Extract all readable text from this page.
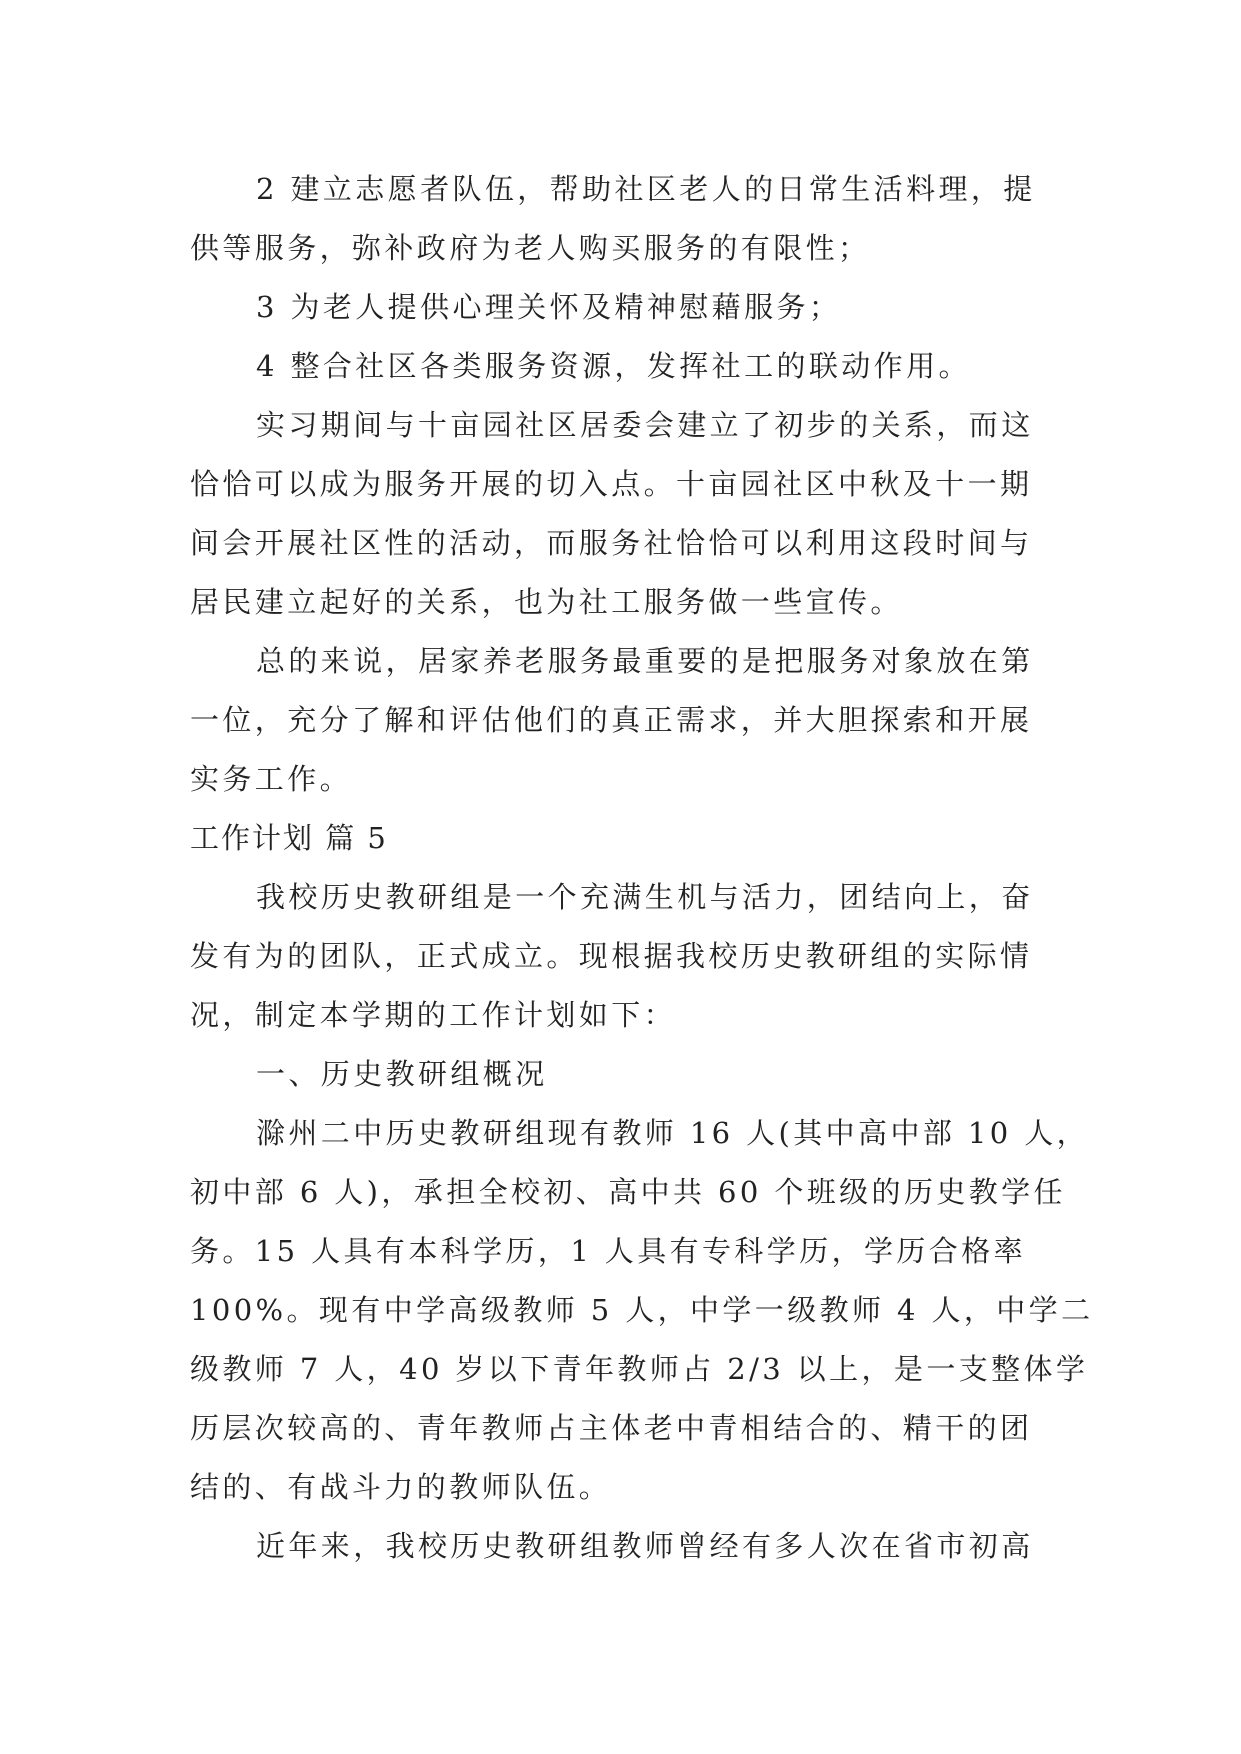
2 建立志愿者队伍，帮助社区老人的日常生活料理，提
供等服务，弥补政府为老人购买服务的有限性；
3 为老人提供心理关怀及精神慰藉服务；
4 整合社区各类服务资源，发挥社工的联动作用。
实习期间与十亩园社区居委会建立了初步的关系，而这
恰恰可以成为服务开展的切入点。十亩园社区中秋及十一期
间会开展社区性的活动，而服务社恰恰可以利用这段时间与
居民建立起好的关系，也为社工服务做一些宣传。
总的来说，居家养老服务最重要的是把服务对象放在第
一位，充分了解和评估他们的真正需求，并大胆探索和开展
实务工作。
工作计划 篇 5
我校历史教研组是一个充满生机与活力，团结向上，奋
发有为的团队，正式成立。现根据我校历史教研组的实际情
况，制定本学期的工作计划如下：
一、历史教研组概况
滁州二中历史教研组现有教师 16 人(其中高中部 10 人，
初中部 6 人)，承担全校初、高中共 60 个班级的历史教学任
务。15 人具有本科学历，1 人具有专科学历，学历合格率
100%。现有中学高级教师 5 人，中学一级教师 4 人，中学二
级教师 7 人，40 岁以下青年教师占 2/3 以上，是一支整体学
历层次较高的、青年教师占主体老中青相结合的、精干的团
结的、有战斗力的教师队伍。
近年来，我校历史教研组教师曾经有多人次在省市初高
